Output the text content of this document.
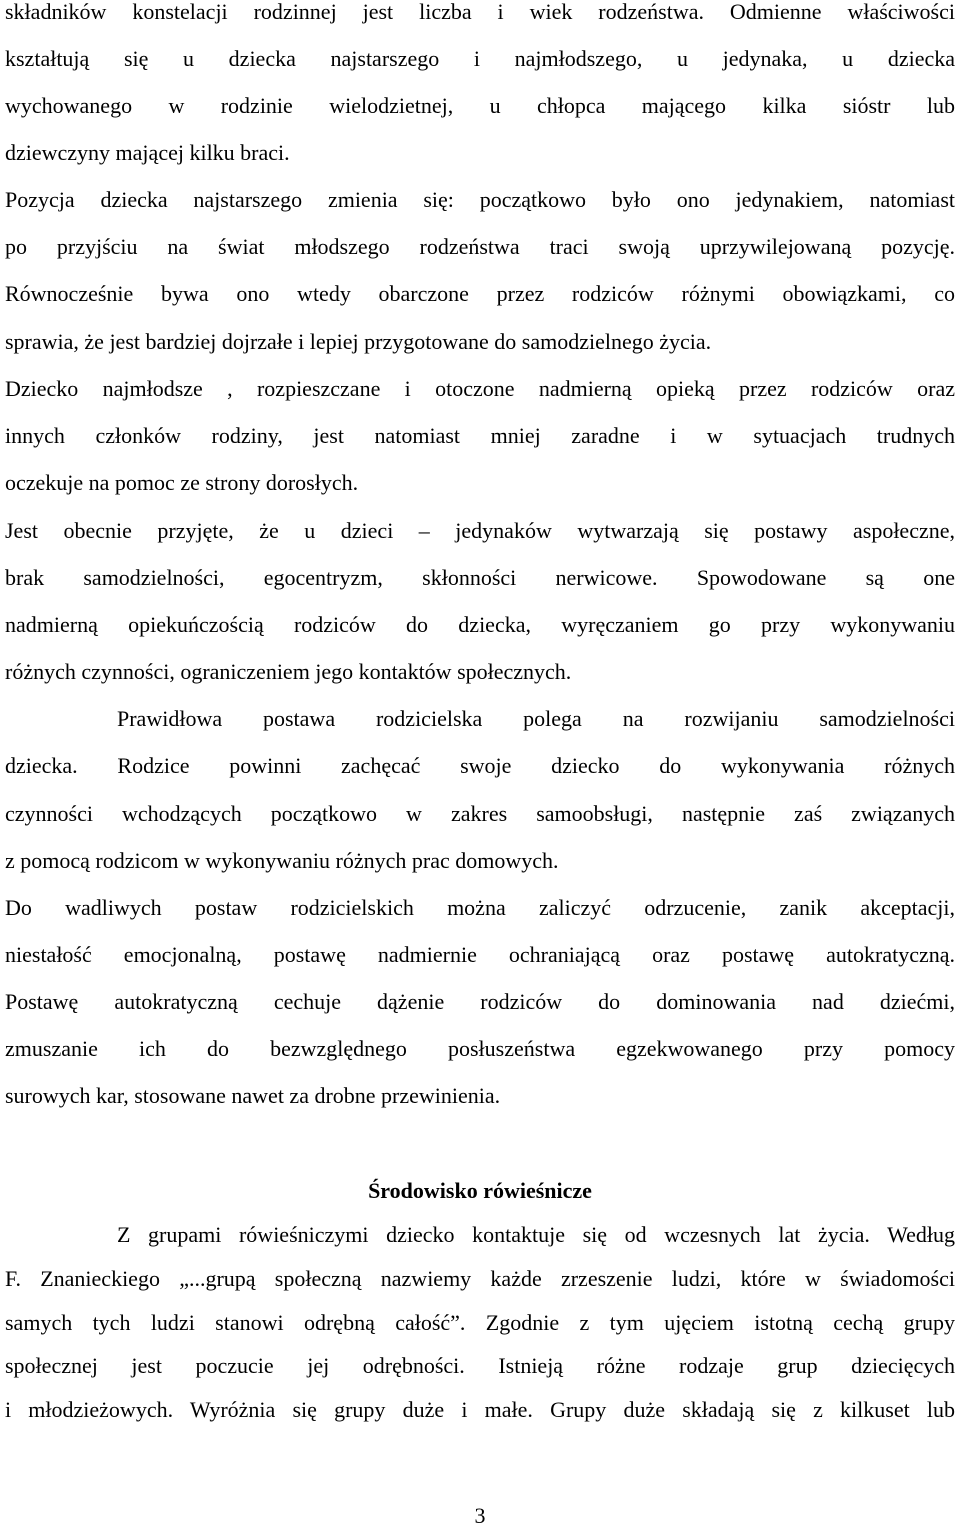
składników konstelacji rodzinnej jest liczba i wiek rodzeństwa. Odmienne właściwości
kształtują się u dziecka najstarszego i najmłodszego, u jedynaka, u dziecka
wychowanego w rodzinie wielodzietnej, u chłopca mającego kilka sióstr lub
dziewczyny mającej kilku braci.
Pozycja dziecka najstarszego zmienia się: początkowo było ono jedynakiem, natomiast
po przyjściu na świat młodszego rodzeństwa traci swoją uprzywilejowaną pozycję.
Równocześnie bywa ono wtedy obarczone przez rodziców różnymi obowiązkami, co
sprawia, że jest bardziej dojrzałe i lepiej przygotowane do samodzielnego życia.
Dziecko najmłodsze , rozpieszczane i otoczone nadmierną opieką przez rodziców oraz
innych członków rodziny, jest natomiast mniej zaradne i w sytuacjach trudnych
oczekuje na pomoc ze strony dorosłych.
Jest obecnie przyjęte, że u dzieci – jedynaków wytwarzają się postawy aspołeczne,
brak samodzielności, egocentryzm, skłonności nerwicowe. Spowodowane są one
nadmierną opiekuńczością rodziców do dziecka, wyręczaniem go przy wykonywaniu
różnych czynności, ograniczeniem jego kontaktów społecznych.
Prawidłowa postawa rodzicielska polega na rozwijaniu samodzielności
dziecka. Rodzice powinni zachęcać swoje dziecko do wykonywania różnych
czynności wchodzących początkowo w zakres samoobsługi, następnie zaś związanych
z pomocą rodzicom w wykonywaniu różnych prac domowych.
Do wadliwych postaw rodzicielskich można zaliczyć odrzucenie, zanik akceptacji,
niestałość emocjonalną, postawę nadmiernie ochraniającą oraz postawę autokratyczną.
Postawę autokratyczną cechuje dążenie rodziców do dominowania nad dziećmi,
zmuszanie ich do bezwzględnego posłuszeństwa egzekwowanego przy pomocy
surowych kar, stosowane nawet za drobne przewinienia.
Środowisko rówieśnicze
Z grupami rówieśniczymi dziecko kontaktuje się od wczesnych lat życia. Według
F. Znanieckiego „...grupą społeczną nazwiemy każde zrzeszenie ludzi, które w świadomości
samych tych ludzi stanowi odrębną całość”. Zgodnie z tym ujęciem istotną cechą grupy
społecznej jest poczucie jej odrębności. Istnieją różne rodzaje grup dziecięcych
i młodzieżowych. Wyróżnia się grupy duże i małe. Grupy duże składają się z kilkuset lub
3
